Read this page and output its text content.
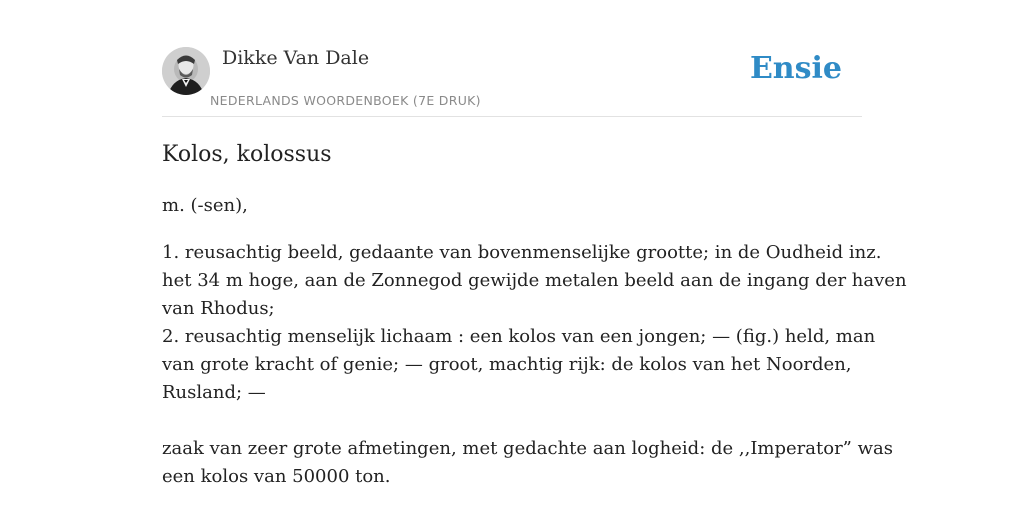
Dikke Van Dale
NEDERLANDS WOORDENBOEK (7E DRUK)
Ensie
Kolos, kolossus

m. (-sen),

1. reusachtig beeld, gedaante van bovenmenselijke grootte; in de Oudheid inz.
het 34 m hoge, aan de Zonnegod gewijde metalen beeld aan de ingang der haven
van Rhodus;
2. reusachtig menselijk lichaam : een kolos van een jongen; — (fig.) held, man
van grote kracht of genie; — groot, machtig rijk: de kolos van het Noorden,
Rusland; —
zaak van zeer grote afmetingen, met gedachte aan logheid: de ,,Imperator” was
een kolos van 50000 ton.
